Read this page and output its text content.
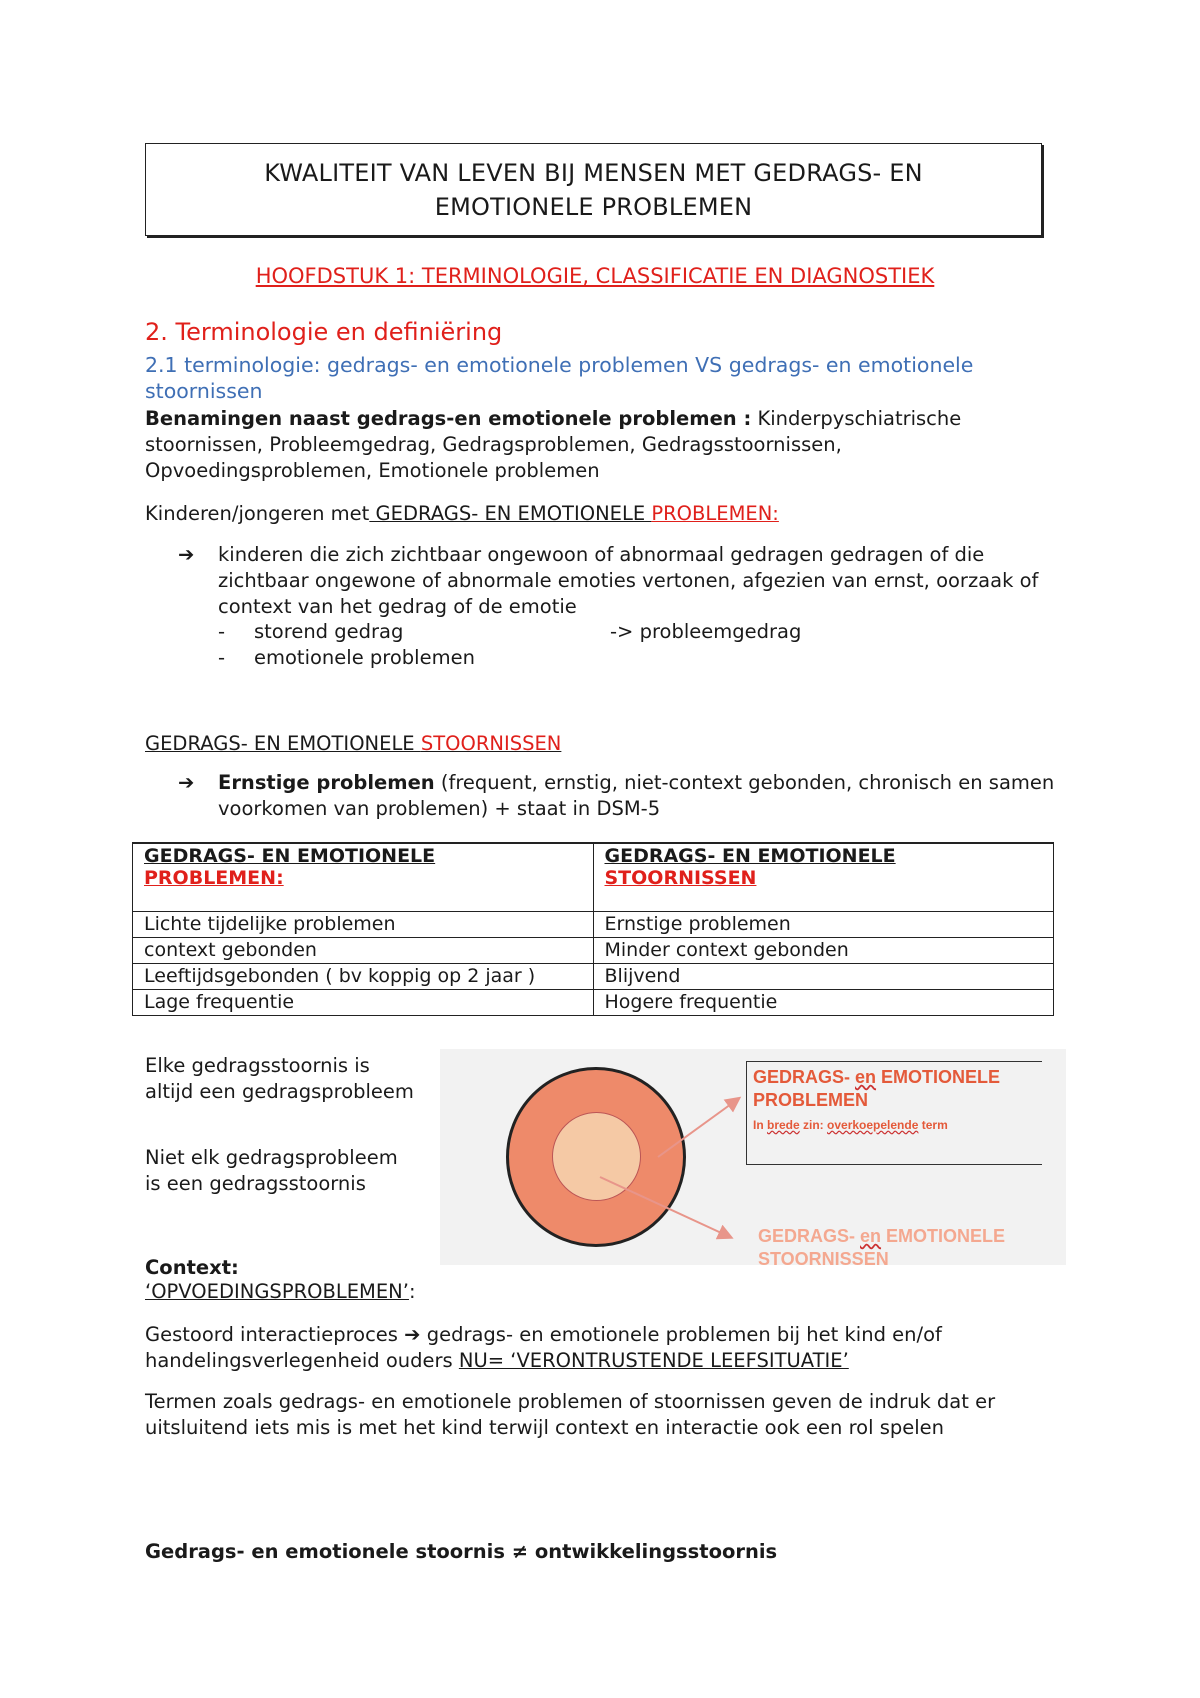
KWALITEIT VAN LEVEN BIJ MENSEN MET GEDRAGS- EN
EMOTIONELE PROBLEMEN
HOOFDSTUK 1: TERMINOLOGIE, CLASSIFICATIE EN DIAGNOSTIEK
2. Terminologie en definiëring
2.1 terminologie: gedrags- en emotionele problemen VS gedrags- en emotionele stoornissen
Benamingen naast gedrags-en emotionele problemen : Kinderpyschiatrische stoornissen, Probleemgedrag, Gedragsproblemen, Gedragsstoornissen, Opvoedingsproblemen, Emotionele problemen
Kinderen/jongeren met GEDRAGS- EN EMOTIONELE PROBLEMEN:
➔ kinderen die zich zichtbaar ongewoon of abnormaal gedragen gedragen of die zichtbaar ongewone of abnormale emoties vertonen, afgezien van ernst, oorzaak of context van het gedrag of de emotie
- storend gedrag	-> probleemgedrag
- emotionele problemen
GEDRAGS- EN EMOTIONELE STOORNISSEN
➔ Ernstige problemen (frequent, ernstig, niet-context gebonden, chronisch en samen voorkomen van problemen) + staat in DSM-5
GEDRAGS- EN EMOTIONELE
PROBLEMEN:	GEDRAGS- EN EMOTIONELE
STOORNISSEN
Lichte tijdelijke problemen	Ernstige problemen
context gebonden	Minder context gebonden
Leeftijdsgebonden ( bv koppig op 2 jaar )	Blijvend
Lage frequentie	Hogere frequentie
Elke gedragsstoornis is altijd een gedragsprobleem
Niet elk gedragsprobleem is een gedragsstoornis
GEDRAGS- en EMOTIONELE
PROBLEMEN
In brede zin: overkoepelende term
GEDRAGS- en EMOTIONELE
STOORNISSEN
Context:
‘OPVOEDINGSPROBLEMEN’:
Gestoord interactieproces ➔ gedrags- en emotionele problemen bij het kind en/of handelingsverlegenheid ouders NU= ‘VERONTRUSTENDE LEEFSITUATIE’
Termen zoals gedrags- en emotionele problemen of stoornissen geven de indruk dat er uitsluitend iets mis is met het kind terwijl context en interactie ook een rol spelen
Gedrags- en emotionele stoornis ≠ ontwikkelingsstoornis
